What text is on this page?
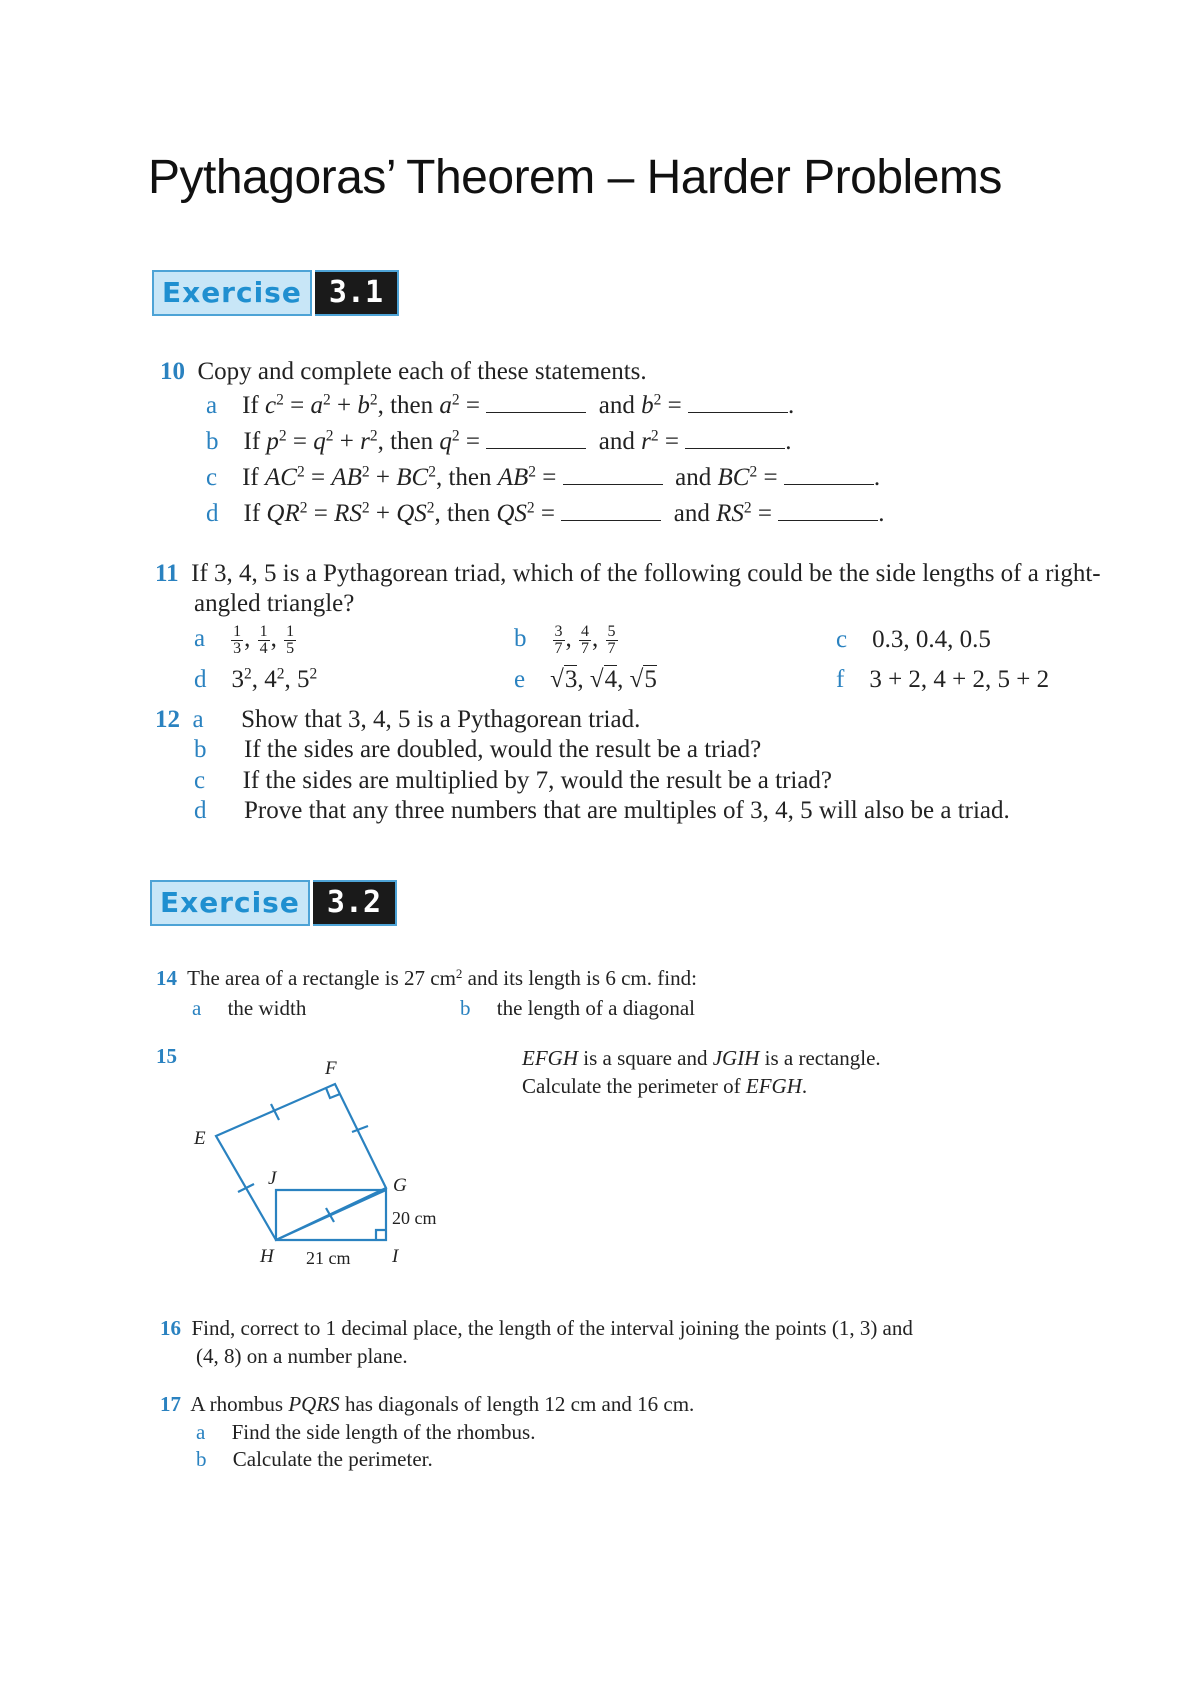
Pythagoras’ Theorem – Harder Problems
Exercise 3.1
10 Copy and complete each of these statements.
a    If $c^2 = a^2 + b^2$, then $a^2$ =	and $b^2$ =	.
b    If $p^2 = q^2 + r^2$, then $q^2$ =	and $r^2$ =	.
c    If $AC^2 = AB^2 + BC^2$, then $AB^2$ =	and $BC^2$ =	.
d    If $QR^2 = RS^2 + QS^2$, then $QS^2$ =	and $RS^2$ =	.
11 If 3, 4, 5 is a Pythagorean triad, which of the following could be the side lengths of a right-
angled triangle?
a $\frac{1}{3}$ , $\frac{1}{4}$ , $\frac{1}{5}$	b $\frac{3}{7}$ , $\frac{4}{7}$ , $\frac{5}{7}$	c 0.3, 0.4, 0.5
d    $3^2$, $4^2$, $5^2$	e    √3, √4, √5	f 3 + 2, 4 + 2, 5 + 2
12 a Show that 3, 4, 5 is a Pythagorean triad.
b If the sides are doubled, would the result be a triad?
c If the sides are multiplied by 7, would the result be a triad?
d Prove that any three numbers that are multiples of 3, 4, 5 will also be a triad.
Exercise 3.2
14 The area of a rectangle is 27 $cm^2$ and its length is 6 cm. find:
a the width	b the length of a diagonal
15	EFGH is a square and JGIH is a rectangle.
Calculate the perimeter of EFGH.
E
F
G
H	I
J
20 cm
21 cm
16 Find, correct to 1 decimal place, the length of the interval joining the points (1, 3) and
(4, 8) on a number plane.
17 A rhombus PQRS has diagonals of length 12 cm and 16 cm.
a Find the side length of the rhombus.
b Calculate the perimeter.
